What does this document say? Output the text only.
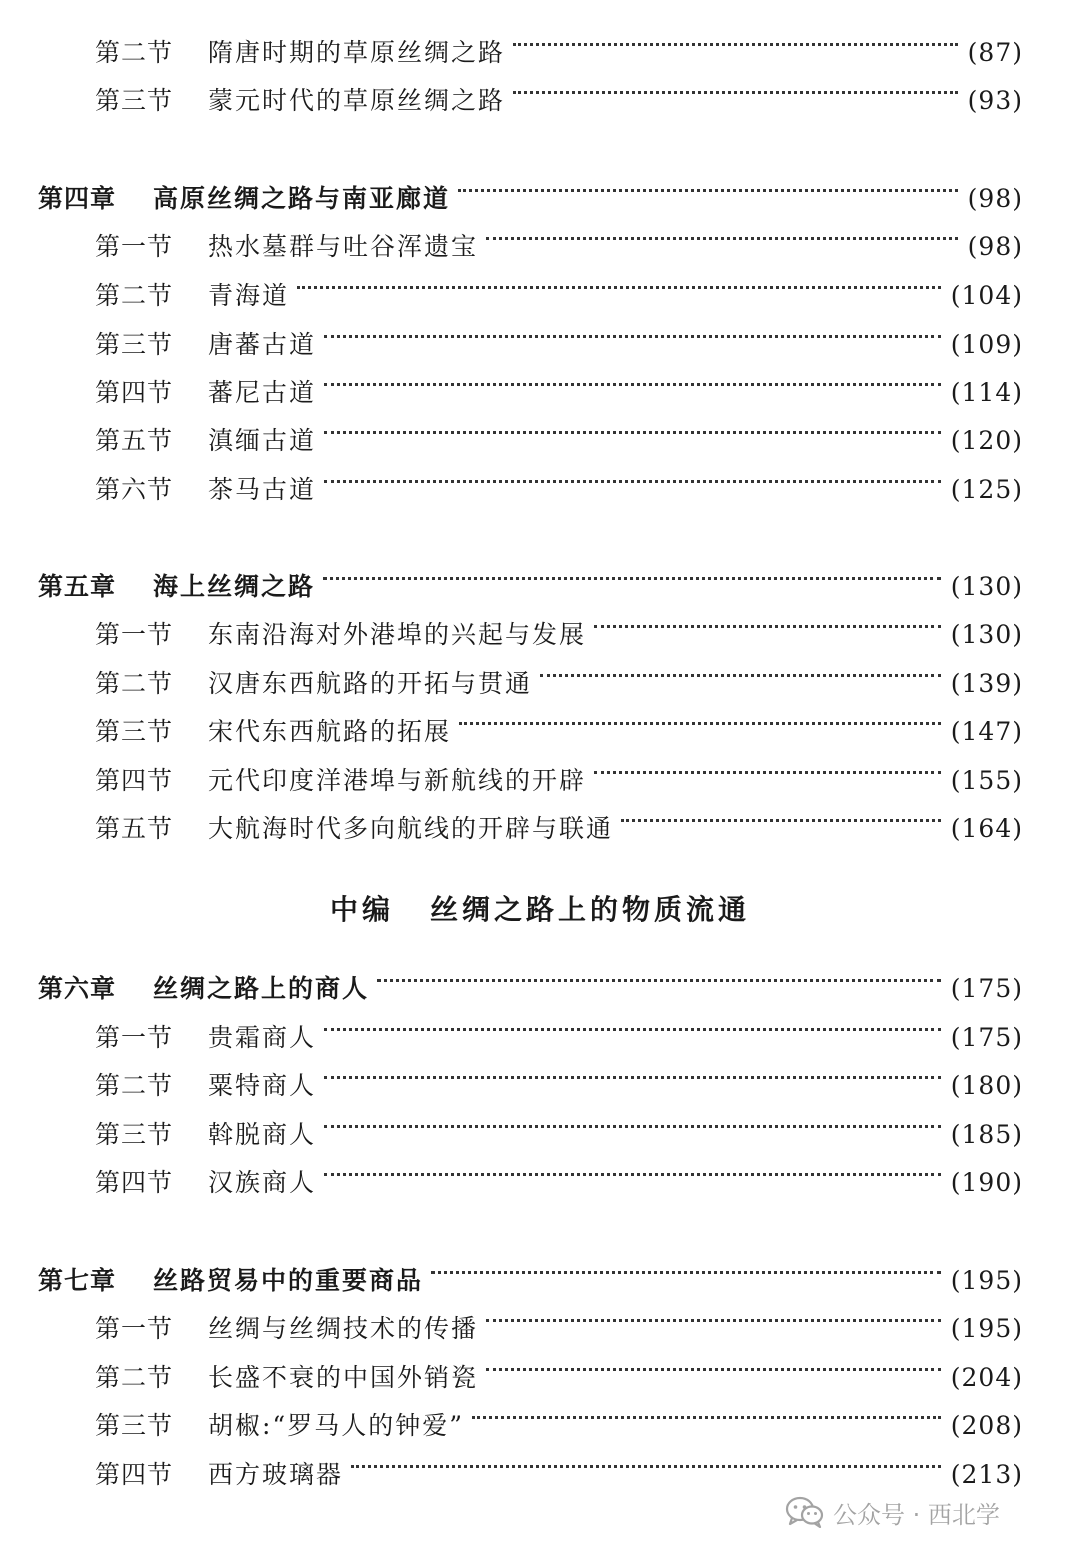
第二节	隋唐时期的草原丝绸之路	(87)
第三节	蒙元时代的草原丝绸之路	(93)
第四章	高原丝绸之路与南亚廊道	(98)
第一节	热水墓群与吐谷浑遗宝	(98)
第二节	青海道	(104)
第三节	唐蕃古道	(109)
第四节	蕃尼古道	(114)
第五节	滇缅古道	(120)
第六节	茶马古道	(125)
第五章	海上丝绸之路	(130)
第一节	东南沿海对外港埠的兴起与发展	(130)
第二节	汉唐东西航路的开拓与贯通	(139)
第三节	宋代东西航路的拓展	(147)
第四节	元代印度洋港埠与新航线的开辟	(155)
第五节	大航海时代多向航线的开辟与联通	(164)
中编 丝绸之路上的物质流通
第六章	丝绸之路上的商人	(175)
第一节	贵霜商人	(175)
第二节	粟特商人	(180)
第三节	斡脱商人	(185)
第四节	汉族商人	(190)
第七章	丝路贸易中的重要商品	(195)
第一节	丝绸与丝绸技术的传播	(195)
第二节	长盛不衰的中国外销瓷	(204)
第三节	胡椒:“罗马人的钟爱”	(208)
第四节	西方玻璃器	(213)
公众号 · 西北学
